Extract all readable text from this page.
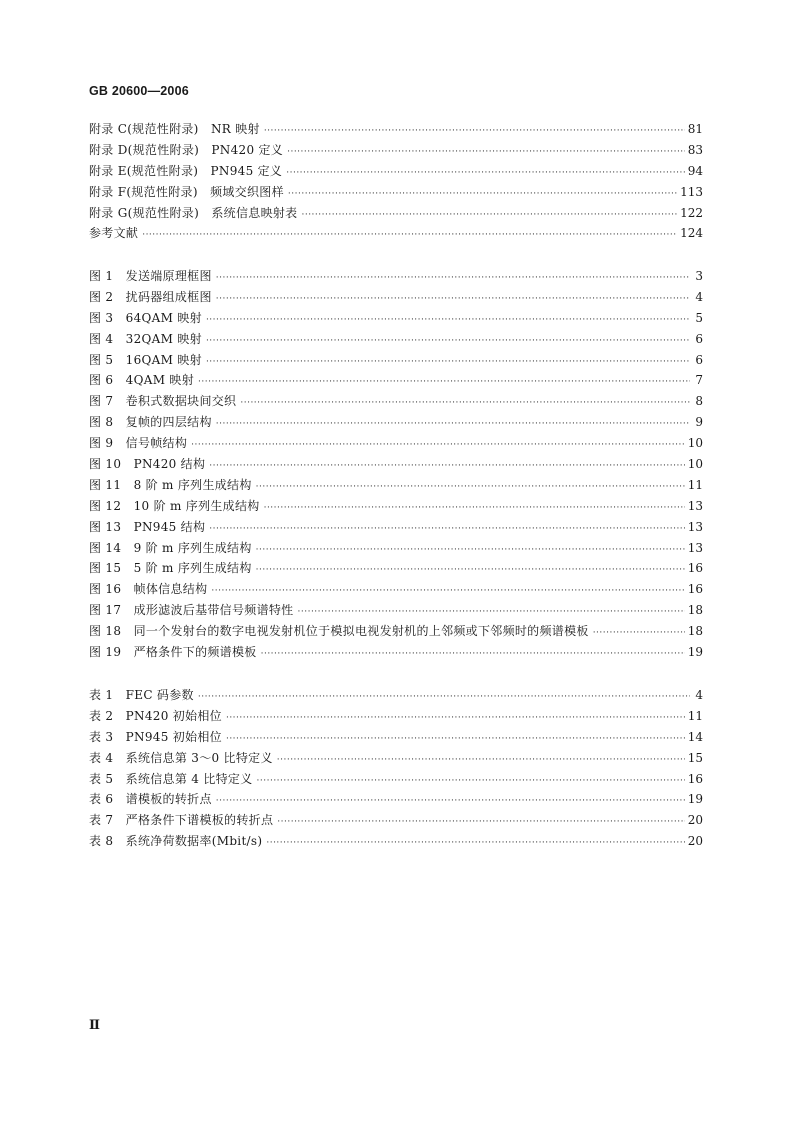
GB 20600—2006
附录 C(规范性附录)　NR 映射 ·····	81
附录 D(规范性附录)　PN420 定义 ·····	83
附录 E(规范性附录)　PN945 定义 ·····	94
附录 F(规范性附录)　频域交织图样 ·····	113
附录 G(规范性附录)　系统信息映射表 ·····	122
参考文献 ·····	124
图 1　发送端原理框图 ·····	3
图 2　扰码器组成框图 ·····	4
图 3　64QAM 映射 ·····	5
图 4　32QAM 映射 ·····	6
图 5　16QAM 映射 ·····	6
图 6　4QAM 映射 ·····	7
图 7　卷积式数据块间交织 ·····	8
图 8　复帧的四层结构 ·····	9
图 9　信号帧结构 ·····	10
图 10　PN420 结构 ·····	10
图 11　8 阶 m 序列生成结构 ·····	11
图 12　10 阶 m 序列生成结构 ·····	13
图 13　PN945 结构 ·····	13
图 14　9 阶 m 序列生成结构 ·····	13
图 15　5 阶 m 序列生成结构 ·····	16
图 16　帧体信息结构 ·····	16
图 17　成形滤波后基带信号频谱特性 ·····	18
图 18　同一个发射台的数字电视发射机位于模拟电视发射机的上邻频或下邻频时的频谱模板 ·····	18
图 19　严格条件下的频谱模板 ·····	19
表 1　FEC 码参数 ·····	4
表 2　PN420 初始相位 ·····	11
表 3　PN945 初始相位 ·····	14
表 4　系统信息第 3～0 比特定义 ·····	15
表 5　系统信息第 4 比特定义 ·····	16
表 6　谱模板的转折点 ·····	19
表 7　严格条件下谱模板的转折点 ·····	20
表 8　系统净荷数据率(Mbit/s) ·····	20
Ⅱ
